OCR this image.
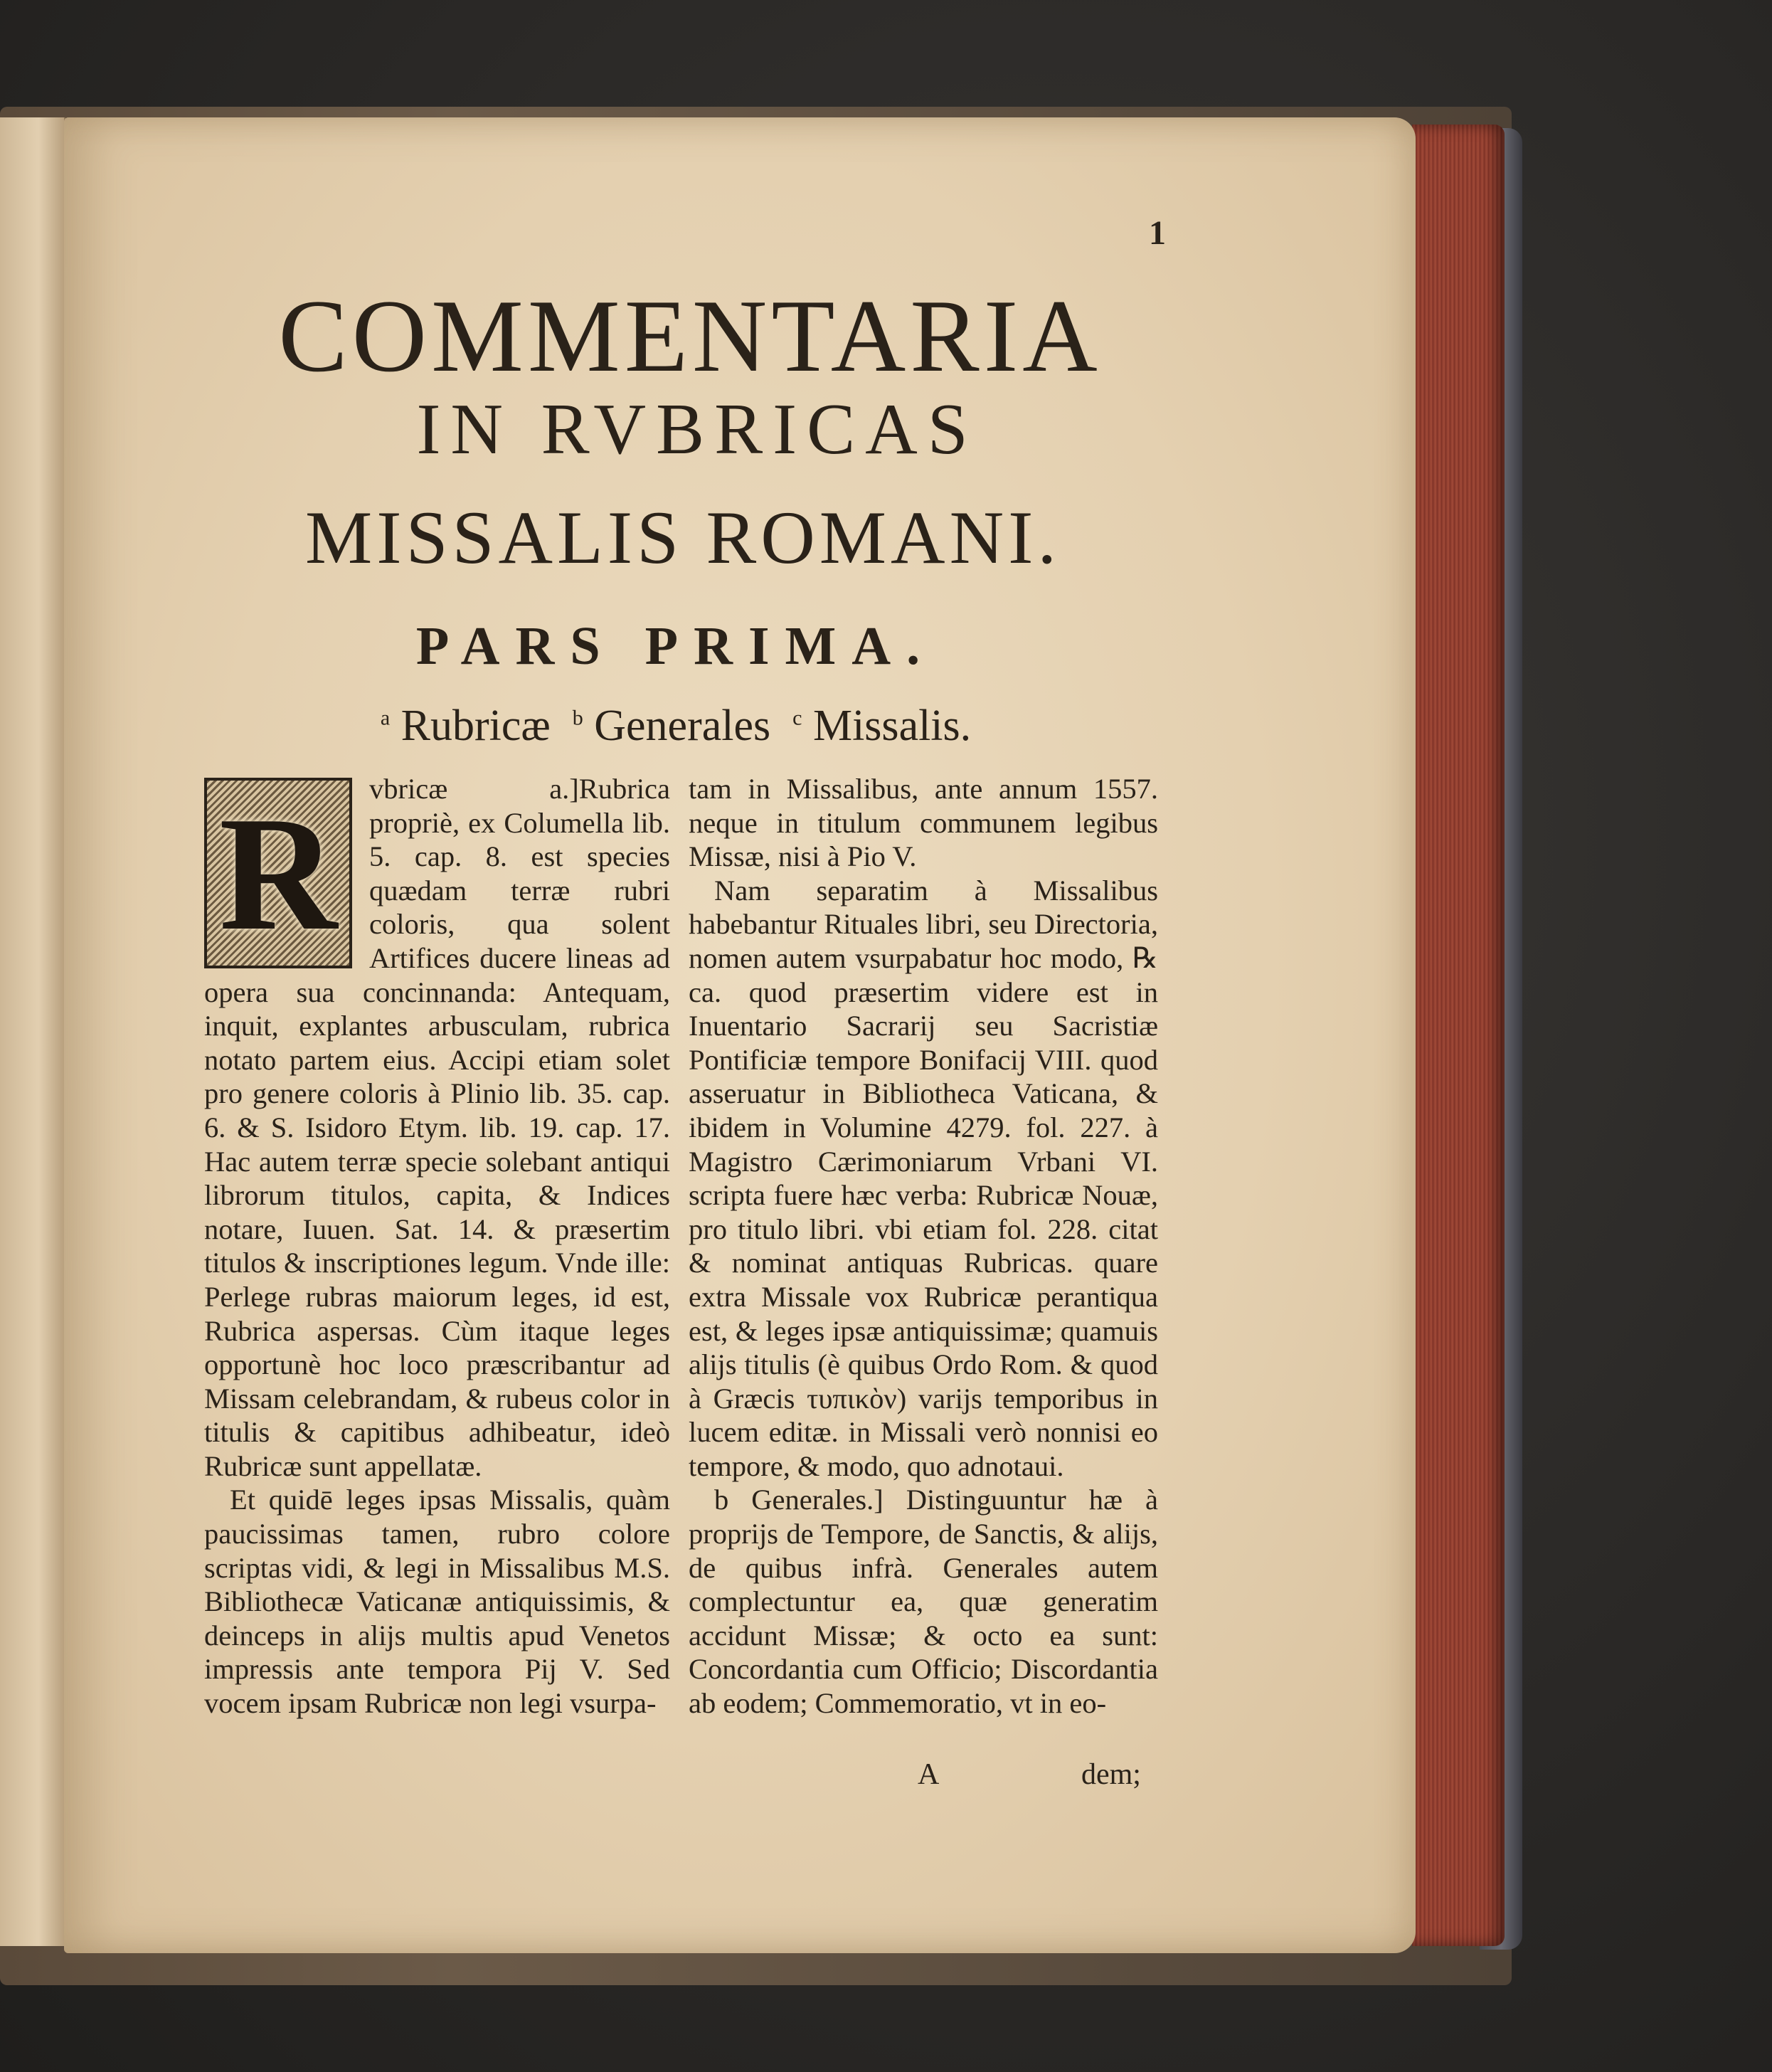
1
COMMENTARIA
IN RVBRICAS
MISSALIS ROMANI.
PARS PRIMA.
$^a$ Rubricæ $^b$ Generales $^c$ Missalis.
R	vbricæ a.]Rubrica propriè, ex Columella lib. 5. cap. 8. est species quædam terræ rubri coloris, qua solent Artifices ducere lineas ad opera sua concinnanda: Antequam, inquit, explantes arbusculam, rubrica notato partem eius. Accipi etiam solet pro genere coloris à Plinio lib. 35. cap. 6. & S. Isidoro Etym. lib. 19. cap. 17. Hac autem terræ specie solebant antiqui librorum titulos, capita, & Indices notare, Iuuen. Sat. 14. & præsertim titulos & inscriptiones legum. Vnde ille: Perlege rubras maiorum leges, id est, Rubrica aspersas. Cùm itaque leges opportunè hoc loco præscribantur ad Missam celebrandam, & rubeus color in titulis & capitibus adhibeatur, ideò Rubricæ sunt appellatæ.

Et quidē leges ipsas Missalis, quàm paucissimas tamen, rubro colore scriptas vidi, & legi in Missalibus M.S. Bibliothecæ Vaticanæ antiquissimis, & deinceps in alijs multis apud Venetos impressis ante tempora Pij V. Sed vocem ipsam Rubricæ non legi vsurpa-

tam in Missalibus, ante annum 1557. neque in titulum communem legibus Missæ, nisi à Pio V.

Nam separatim à Missalibus habebantur Rituales libri, seu Directoria, nomen autem vsurpabatur hoc modo, ℞ ca. quod præsertim videre est in Inuentario Sacrarij seu Sacristiæ Pontificiæ tempore Bonifacij VIII. quod asseruatur in Bibliotheca Vaticana, & ibidem in Volumine 4279. fol. 227. à Magistro Cærimoniarum Vrbani VI. scripta fuere hæc verba: Rubricæ Nouæ, pro titulo libri. vbi etiam fol. 228. citat & nominat antiquas Rubricas. quare extra Missale vox Rubricæ perantiqua est, & leges ipsæ antiquissimæ; quamuis alijs titulis (è quibus Ordo Rom. & quod à Græcis τυπικὸν) varijs temporibus in lucem editæ. in Missali verò nonnisi eo tempore, & modo, quo adnotaui.

b Generales.] Distinguuntur hæ à proprijs de Tempore, de Sanctis, & alijs, de quibus infrà. Generales autem complectuntur ea, quæ generatim accidunt Missæ; & octo ea sunt: Concordantia cum Officio; Discordantia ab eodem; Commemoratio, vt in eo-

A	dem;
